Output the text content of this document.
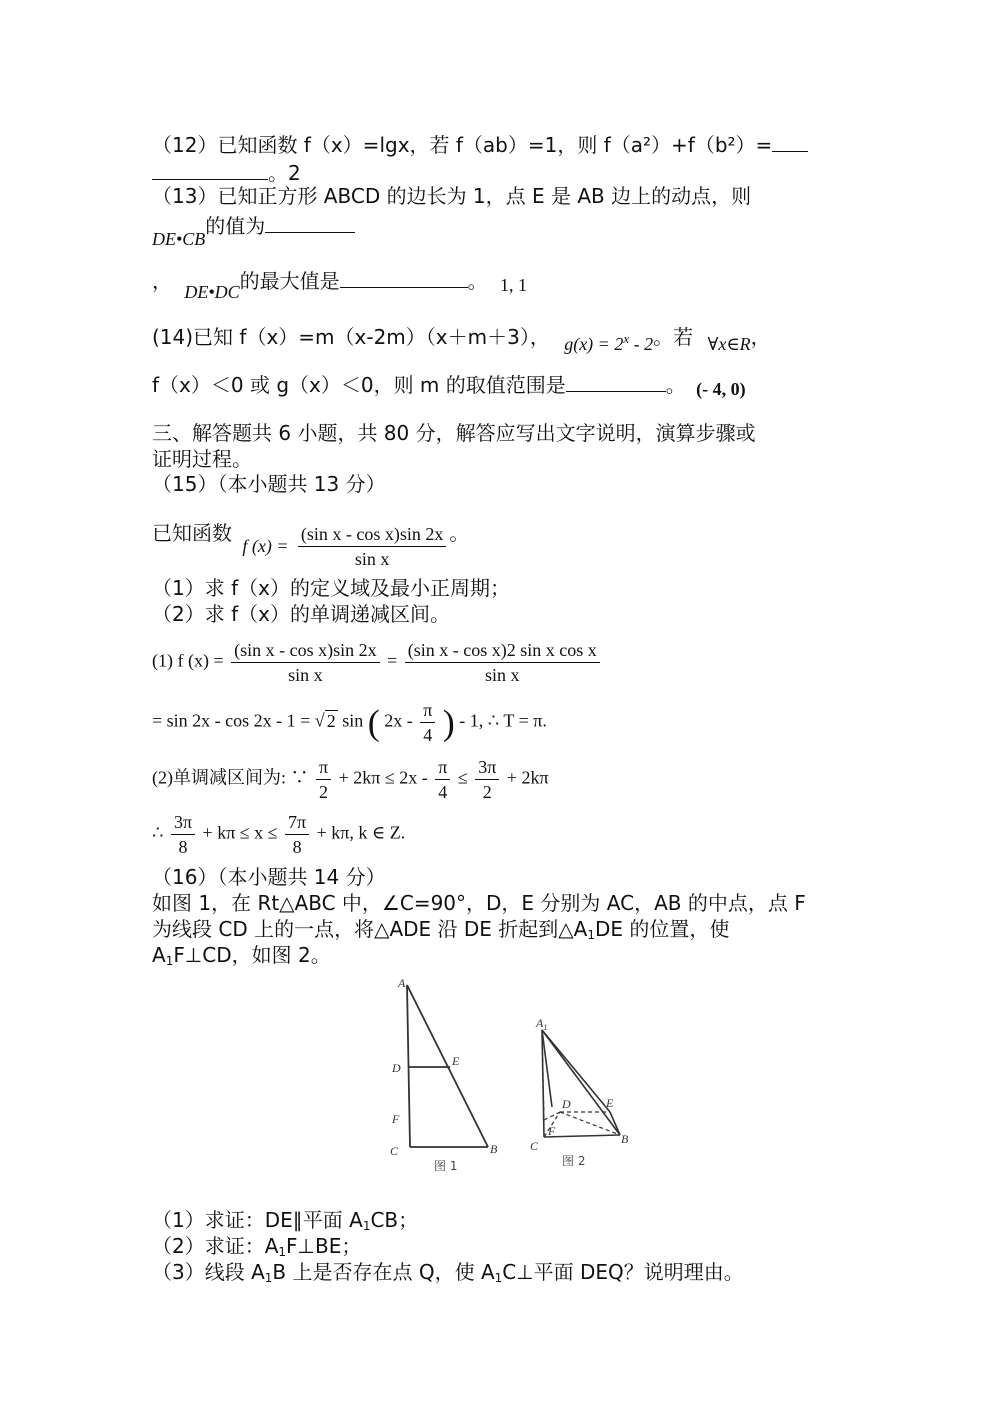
（12）已知函数 f（x）=lgx，若 f（ab）=1，则 f（a²）+f（b²）=
。2
（13）已知正方形 ABCD 的边长为 1，点 E 是 AB 边上的动点，则
DE•CB的值为
， DE•DC的最大值是	。 1, 1
(14)已知 f（x）=m（x-2m）（x＋m＋3）， $g(x) = 2^x - 2$。若 ∀x∈R，
f（x）＜0 或 g（x）＜0，则 m 的取值范围是	。 (- 4, 0)
三、解答题共 6 小题，共 80 分，解答应写出文字说明，演算步骤或
证明过程。
（15）（本小题共 13 分）
已知函数 f $(x) = \frac{\text{(sin x - cos x)sin 2x}}{\text{sin x}}$ 。
（1）求 f（x）的定义域及最小正周期；
（2）求 f（x）的单调递减区间。
(1) f $(x) = \frac{\text{(sin x - cos x)sin 2x}}{\text{sin x}} = \frac{\text{(sin x - cos x)2 sin x cos x}}{\text{sin x}}$
= sin 2x - cos 2x - 1 = √ 2 sin ( $2x - \frac{\pi}{4}$ ) - 1, ∴ T = π.
(2)单调减区间为: ∵ $\frac{\pi}{2} + 2k\pi \le 2x - \frac{\pi}{4} \le \frac{3\pi}{2} + 2k\pi$
∴ $\frac{3\pi}{8} + k\pi \le x \le \frac{7\pi}{8} + k\pi$, k ∈ Z.
（16）（本小题共 14 分）
如图 1，在 Rt△ABC 中，∠C=90°，D，E 分别为 AC，AB 的中点，点 F
为线段 CD 上的一点，将△ADE 沿 DE 折起到$\triangle A_1DE$ 的位置，使
$A_1F\perp CD$，如图 2。
A
D	E
F
C	B
图 1
$A_1$
D	E
F
C	B
图 2
（1）求证：DE∥平面 $A_1CB$；
（2）求证：$A_1F\perp BE$；
（3）线段 $A_1B$ 上是否存在点 Q，使 $A_1C\perp$平面 DEQ？说明理由。
